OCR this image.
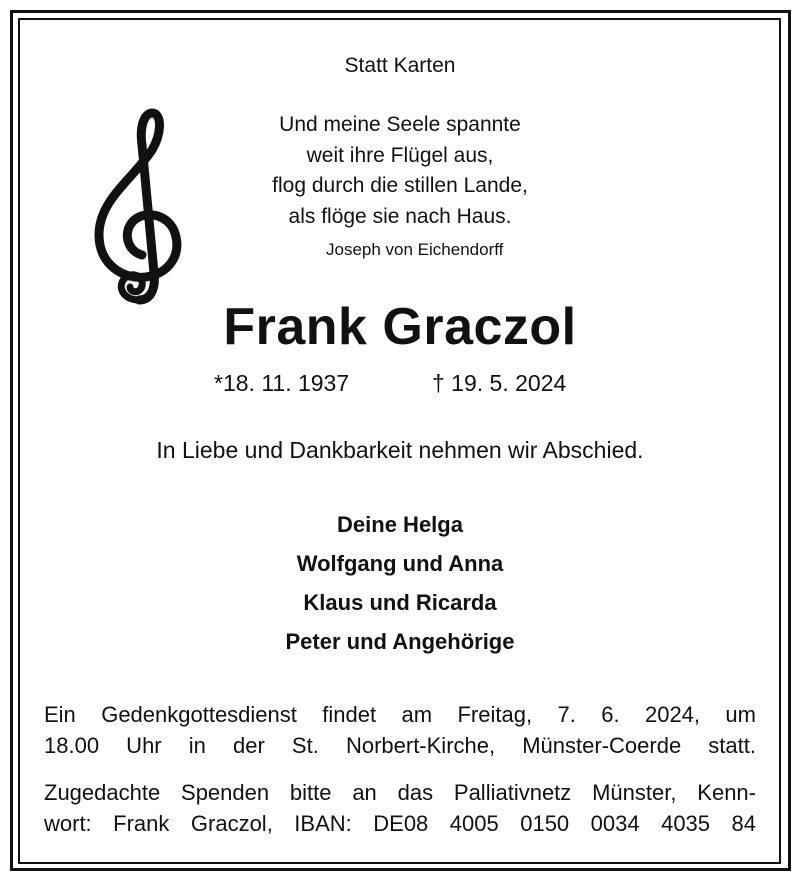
Statt Karten
Und meine Seele spannte
weit ihre Flügel aus,
flog durch die stillen Lande,
als flöge sie nach Haus.
Joseph von Eichendorff
Frank Graczol
*18. 11. 1937	† 19. 5. 2024
In Liebe und Dankbarkeit nehmen wir Abschied.
Deine Helga
Wolfgang und Anna
Klaus und Ricarda
Peter und Angehörige
Ein Gedenkgottesdienst findet am Freitag, 7. 6. 2024, um
18.00 Uhr in der St. Norbert-Kirche, Münster-Coerde statt.
Zugedachte Spenden bitte an das Palliativnetz Münster, Kenn-
wort: Frank Graczol, IBAN: DE08 4005 0150 0034 4035 84
